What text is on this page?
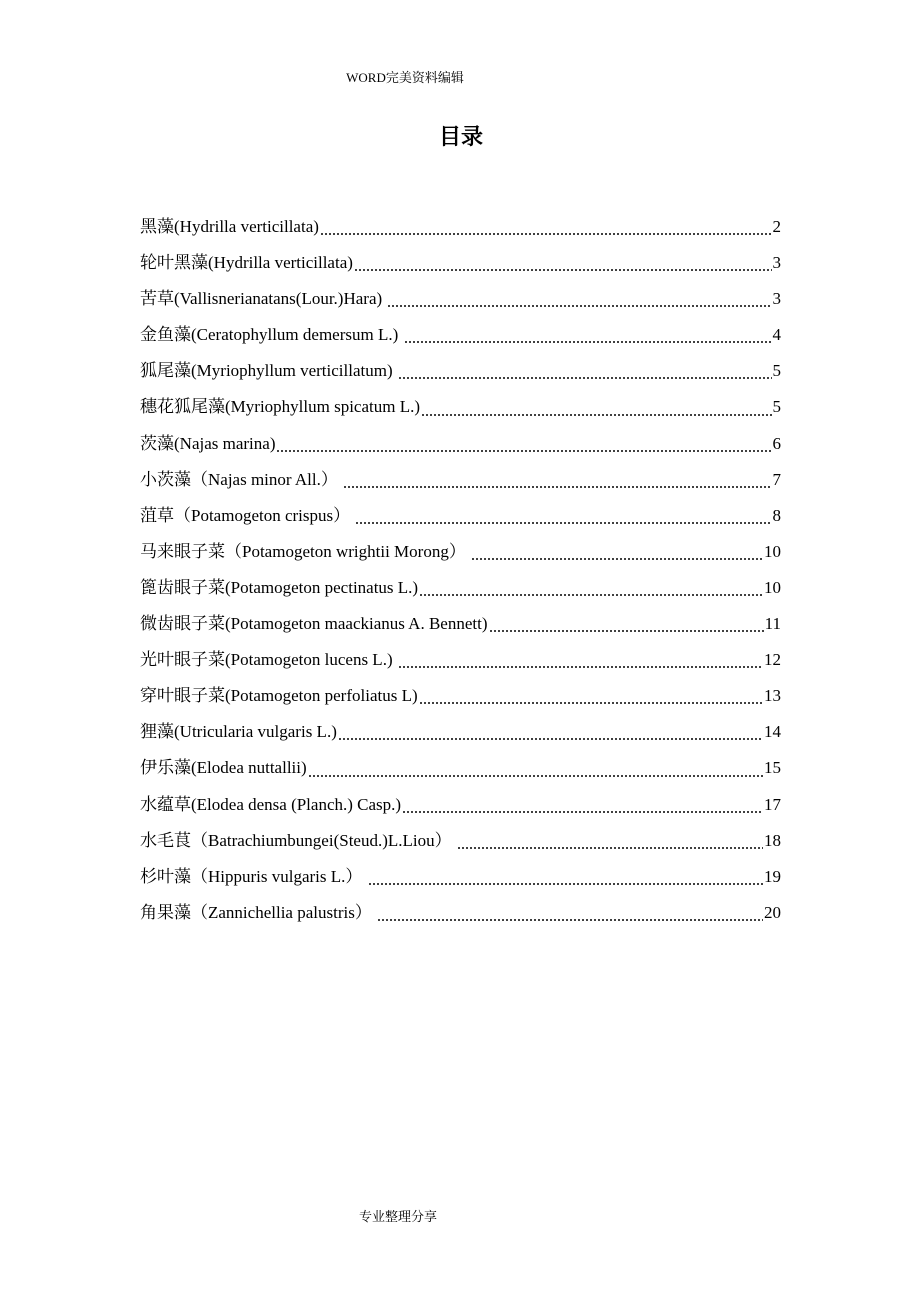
WORD完美资料编辑
目录
黑藻(Hydrilla verticillata)	2
轮叶黑藻(Hydrilla verticillata)	3
苦草(Vallisnerianatans(Lour.)Hara)	3
金鱼藻(Ceratophyllum demersum L.)	4
狐尾藻(Myriophyllum verticillatum)	5
穗花狐尾藻(Myriophyllum spicatum L.)	5
茨藻(Najas marina)	6
小茨藻（Najas minor All.）	7
菹草（Potamogeton crispus）	8
马来眼子菜（Potamogeton wrightii Morong）	10
篦齿眼子菜(Potamogeton pectinatus L.)	10
微齿眼子菜(Potamogeton maackianus A. Bennett)	11
光叶眼子菜(Potamogeton lucens L.)	12
穿叶眼子菜(Potamogeton perfoliatus L)	13
狸藻(Utricularia vulgaris L.)	14
伊乐藻(Elodea nuttallii)	15
水蕴草(Elodea densa (Planch.) Casp.)	17
水毛茛（Batrachiumbungei(Steud.)L.Liou）	18
杉叶藻（Hippuris vulgaris L.）	19
角果藻（Zannichellia palustris）	20
专业整理分享
